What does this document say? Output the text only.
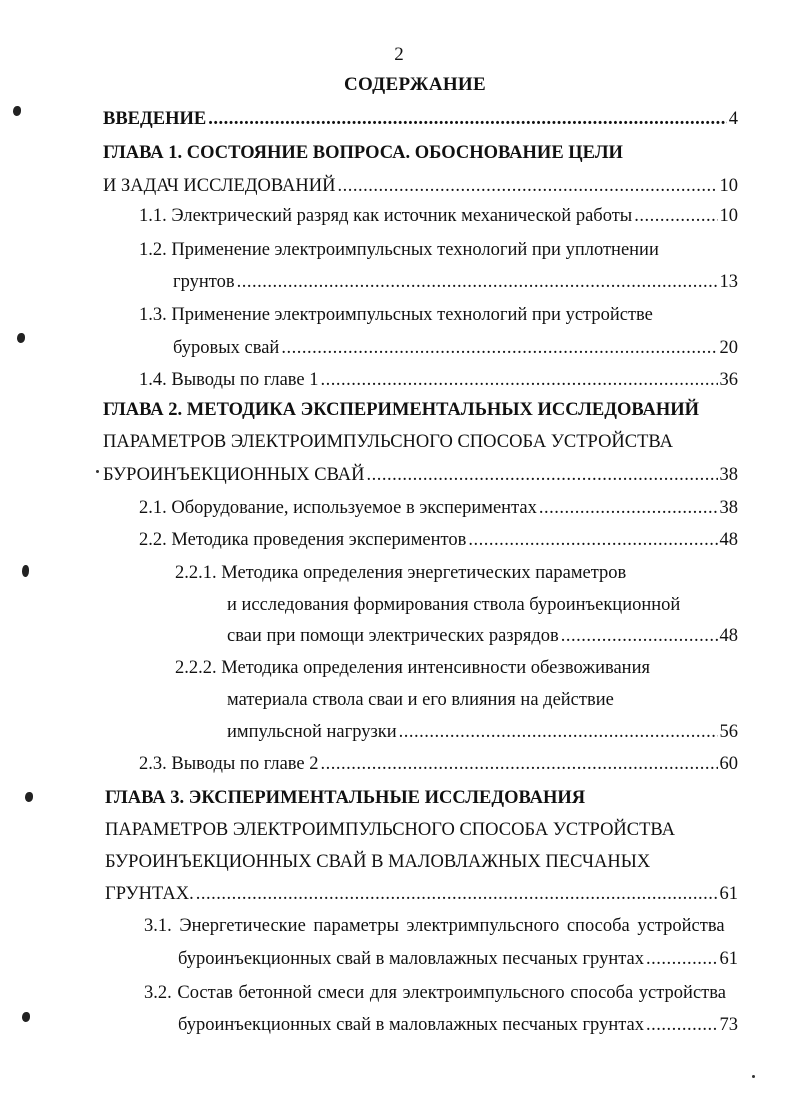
2
СОДЕРЖАНИЕ
ВВЕДЕНИЕ .....	4
ГЛАВА 1. СОСТОЯНИЕ ВОПРОСА. ОБОСНОВАНИЕ ЦЕЛИ
И ЗАДАЧ ИССЛЕДОВАНИЙ .....	10
1.1. Электрический разряд как источник механической работы .....	10
1.2. Применение электроимпульсных технологий при уплотнении
грунтов .....	13
1.3. Применение электроимпульсных технологий при устройстве
буровых свай .....	20
1.4. Выводы по главе 1 .....	36
ГЛАВА 2. МЕТОДИКА ЭКСПЕРИМЕНТАЛЬНЫХ ИССЛЕДОВАНИЙ
ПАРАМЕТРОВ ЭЛЕКТРОИМПУЛЬСНОГО СПОСОБА УСТРОЙСТВА
БУРОИНЪЕКЦИОННЫХ СВАЙ .....	38
2.1. Оборудование, используемое в экспериментах .....	38
2.2. Методика проведения экспериментов .....	48
2.2.1. Методика определения энергетических параметров
и исследования формирования ствола буроинъекционной
сваи при помощи электрических разрядов .....	48
2.2.2. Методика определения интенсивности обезвоживания
материала ствола сваи и его влияния на действие
импульсной нагрузки .....	56
2.3. Выводы по главе 2 .....	60
ГЛАВА 3. ЭКСПЕРИМЕНТАЛЬНЫЕ ИССЛЕДОВАНИЯ
ПАРАМЕТРОВ ЭЛЕКТРОИМПУЛЬСНОГО СПОСОБА УСТРОЙСТВА
БУРОИНЪЕКЦИОННЫХ СВАЙ В МАЛОВЛАЖНЫХ ПЕСЧАНЫХ
ГРУНТАХ. .....	61
3.1. Энергетические параметры электримпульсного способа устройства
буроинъекционных свай в маловлажных песчаных грунтах .....	61
3.2. Состав бетонной смеси для электроимпульсного способа устройства
буроинъекционных свай в маловлажных песчаных грунтах .....	73
